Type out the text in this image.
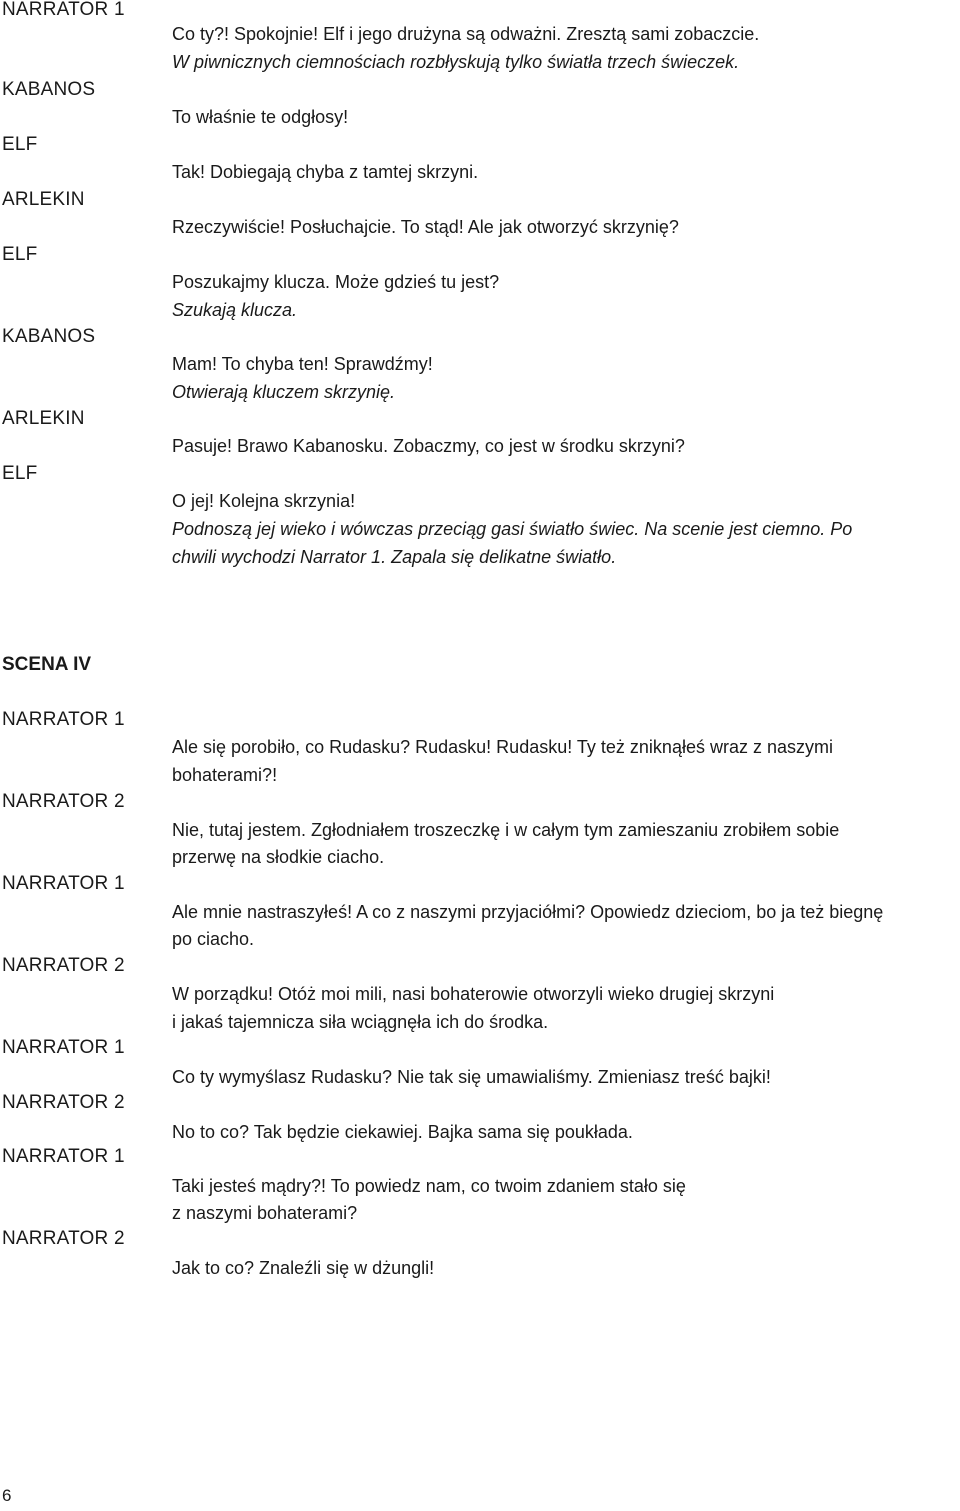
NARRATOR 1
KABANOS
ELF
ARLEKIN
ELF
KABANOS
ARLEKIN
ELF
Co ty?! Spokojnie! Elf i jego drużyna są odważni. Zresztą sami zobaczcie.
W piwnicznych ciemnościach rozbłyskują tylko światła trzech świeczek.
To właśnie te odgłosy!
Tak! Dobiegają chyba z tamtej skrzyni.
Rzeczywiście! Posłuchajcie. To stąd! Ale jak otworzyć skrzynię?
Poszukajmy klucza. Może gdzieś tu jest?
Szukają klucza.
Mam! To chyba ten! Sprawdźmy!
Otwierają kluczem skrzynię.
Pasuje! Brawo Kabanosku. Zobaczmy, co jest w środku skrzyni?
O jej! Kolejna skrzynia!
Podnoszą jej wieko i wówczas przeciąg gasi światło świec. Na scenie jest ciemno. Po
chwili wychodzi Narrator 1. Zapala się delikatne światło.
SCENA IV
NARRATOR 1
NARRATOR 2
NARRATOR 1
NARRATOR 2
NARRATOR 1
NARRATOR 2
NARRATOR 1
NARRATOR 2
Ale się porobiło, co Rudasku? Rudasku! Rudasku! Ty też zniknąłeś wraz z naszymi
bohaterami?!
Nie, tutaj jestem. Zgłodniałem troszeczkę i w całym tym zamieszaniu zrobiłem sobie
przerwę na słodkie ciacho.
Ale mnie nastraszyłeś! A co z naszymi przyjaciółmi? Opowiedz dzieciom, bo ja też biegnę
po ciacho.
W porządku! Otóż moi mili, nasi bohaterowie otworzyli wieko drugiej skrzyni
i jakaś tajemnicza siła wciągnęła ich do środka.
Co ty wymyślasz Rudasku? Nie tak się umawialiśmy. Zmieniasz treść bajki!
No to co? Tak będzie ciekawiej. Bajka sama się poukłada.
Taki jesteś mądry?! To powiedz nam, co twoim zdaniem stało się
z naszymi bohaterami?
Jak to co? Znaleźli się w dżungli!
6
